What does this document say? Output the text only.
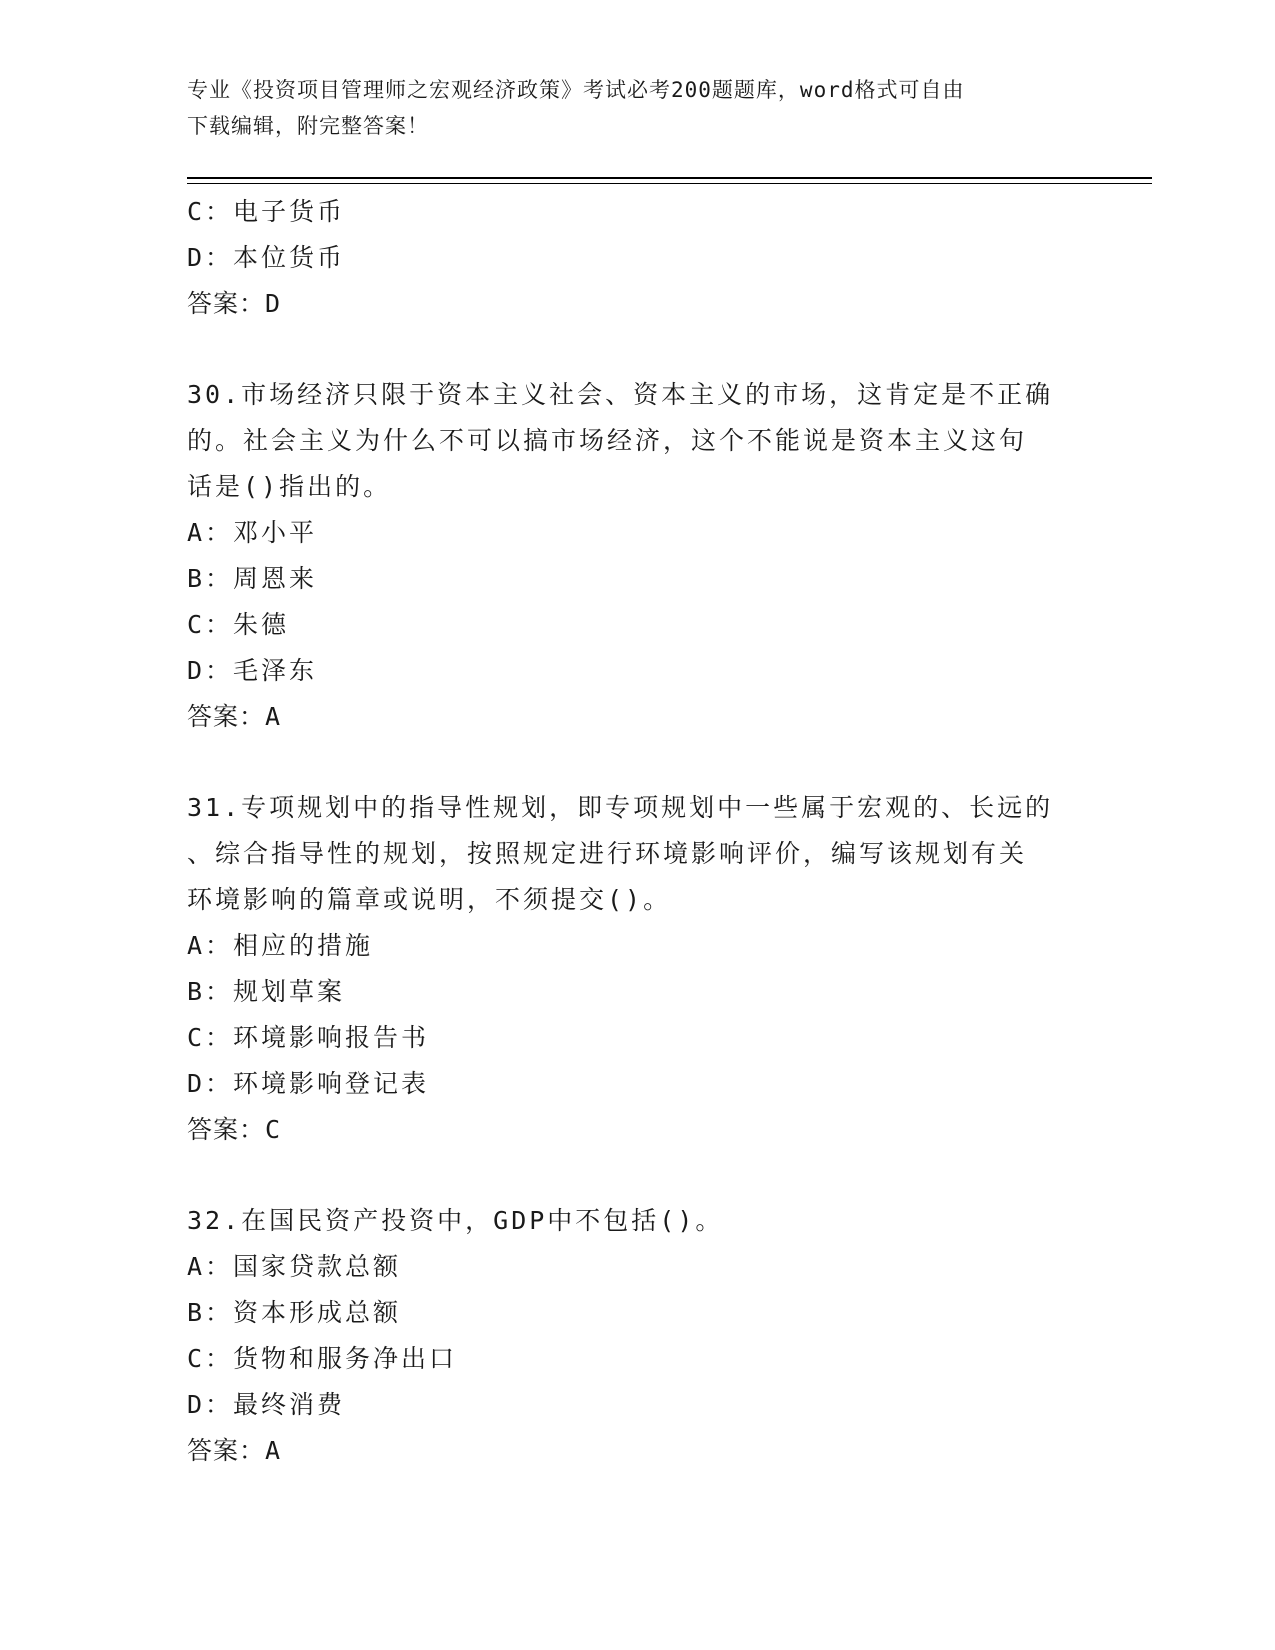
专业《投资项目管理师之宏观经济政策》考试必考200题题库，word格式可自由
下载编辑，附完整答案！
C：电子货币
D：本位货币
答案：D
30.市场经济只限于资本主义社会、资本主义的市场，这肯定是不正确
的。社会主义为什么不可以搞市场经济，这个不能说是资本主义这句
话是()指出的。
A：邓小平
B：周恩来
C：朱德
D：毛泽东
答案：A
31.专项规划中的指导性规划，即专项规划中一些属于宏观的、长远的
、综合指导性的规划，按照规定进行环境影响评价，编写该规划有关
环境影响的篇章或说明，不须提交()。
A：相应的措施
B：规划草案
C：环境影响报告书
D：环境影响登记表
答案：C
32.在国民资产投资中，GDP中不包括()。
A：国家贷款总额
B：资本形成总额
C：货物和服务净出口
D：最终消费
答案：A
